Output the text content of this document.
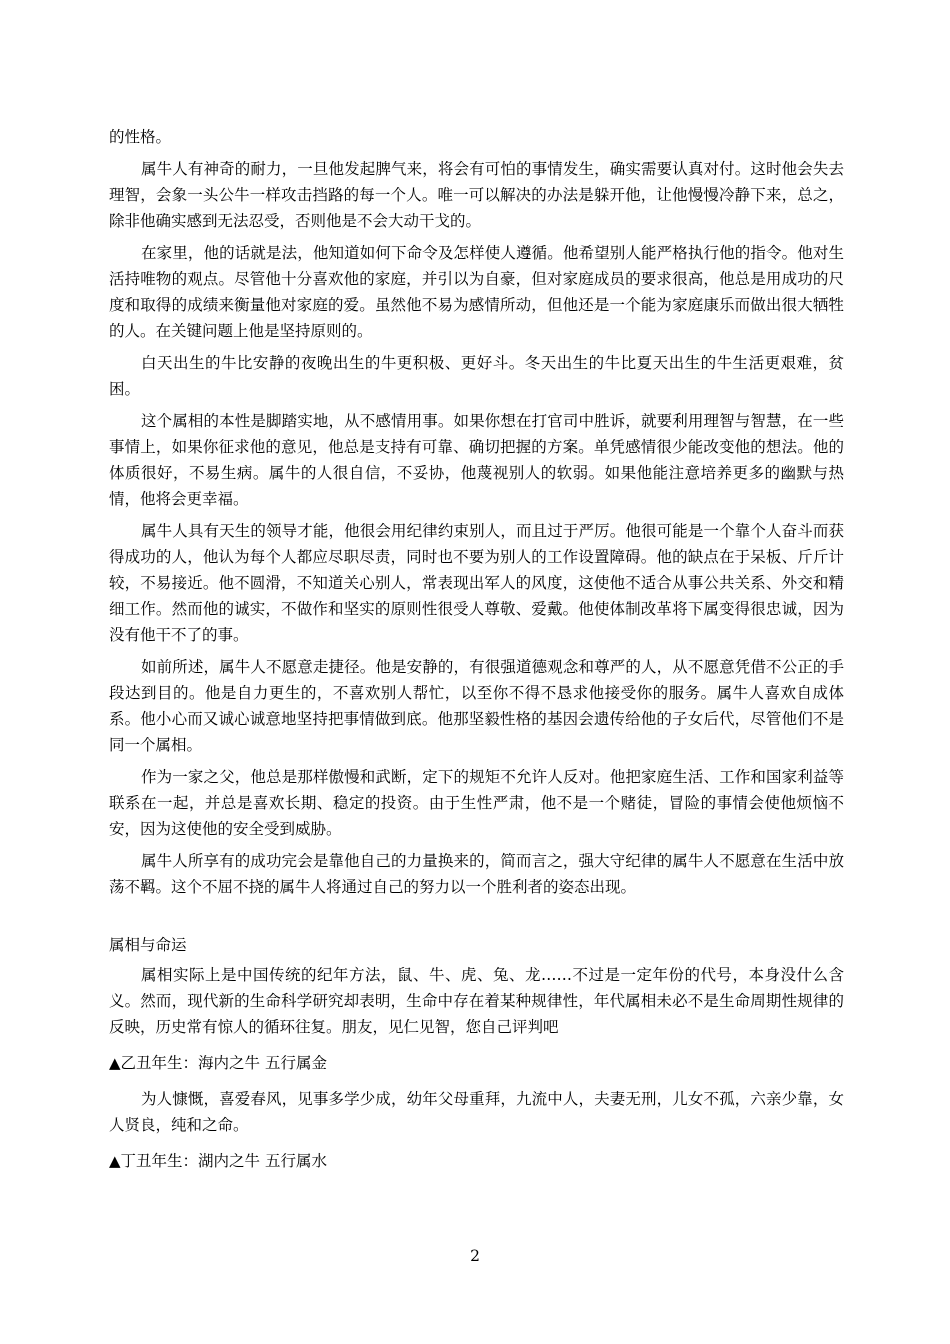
的性格。

属牛人有神奇的耐力，一旦他发起脾气来，将会有可怕的事情发生，确实需要认真对付。这时他会失去理智，会象一头公牛一样攻击挡路的每一个人。唯一可以解决的办法是躲开他，让他慢慢冷静下来，总之，除非他确实感到无法忍受，否则他是不会大动干戈的。

在家里，他的话就是法，他知道如何下命令及怎样使人遵循。他希望别人能严格执行他的指令。他对生活持唯物的观点。尽管他十分喜欢他的家庭，并引以为自豪，但对家庭成员的要求很高，他总是用成功的尺度和取得的成绩来衡量他对家庭的爱。虽然他不易为感情所动，但他还是一个能为家庭康乐而做出很大牺牲的人。在关键问题上他是坚持原则的。

白天出生的牛比安静的夜晚出生的牛更积极、更好斗。冬天出生的牛比夏天出生的牛生活更艰难，贫困。

这个属相的本性是脚踏实地，从不感情用事。如果你想在打官司中胜诉，就要利用理智与智慧，在一些事情上，如果你征求他的意见，他总是支持有可靠、确切把握的方案。单凭感情很少能改变他的想法。他的体质很好，不易生病。属牛的人很自信，不妥协，他蔑视别人的软弱。如果他能注意培养更多的幽默与热情，他将会更幸福。

属牛人具有天生的领导才能，他很会用纪律约束别人，而且过于严厉。他很可能是一个靠个人奋斗而获得成功的人，他认为每个人都应尽职尽责，同时也不要为别人的工作设置障碍。他的缺点在于呆板、斤斤计较，不易接近。他不圆滑，不知道关心别人，常表现出军人的风度，这使他不适合从事公共关系、外交和精细工作。然而他的诚实，不做作和坚实的原则性很受人尊敬、爱戴。他使体制改革将下属变得很忠诚，因为没有他干不了的事。

如前所述，属牛人不愿意走捷径。他是安静的，有很强道德观念和尊严的人，从不愿意凭借不公正的手段达到目的。他是自力更生的，不喜欢别人帮忙，以至你不得不恳求他接受你的服务。属牛人喜欢自成体系。他小心而又诚心诚意地坚持把事情做到底。他那坚毅性格的基因会遗传给他的子女后代，尽管他们不是同一个属相。

作为一家之父，他总是那样傲慢和武断，定下的规矩不允许人反对。他把家庭生活、工作和国家利益等联系在一起，并总是喜欢长期、稳定的投资。由于生性严肃，他不是一个赌徒，冒险的事情会使他烦恼不安，因为这使他的安全受到威胁。

属牛人所享有的成功完会是靠他自己的力量换来的，简而言之，强大守纪律的属牛人不愿意在生活中放荡不羁。这个不屈不挠的属牛人将通过自己的努力以一个胜利者的姿态出现。

属相与命运

属相实际上是中国传统的纪年方法，鼠、牛、虎、兔、龙……不过是一定年份的代号，本身没什么含义。然而，现代新的生命科学研究却表明，生命中存在着某种规律性，年代属相未必不是生命周期性规律的反映，历史常有惊人的循环往复。朋友，见仁见智，您自己评判吧

▲乙丑年生：海内之牛 五行属金

为人慷慨，喜爱春风，见事多学少成，幼年父母重拜，九流中人，夫妻无刑，儿女不孤，六亲少靠，女人贤良，纯和之命。

▲丁丑年生：湖内之牛 五行属水
2
